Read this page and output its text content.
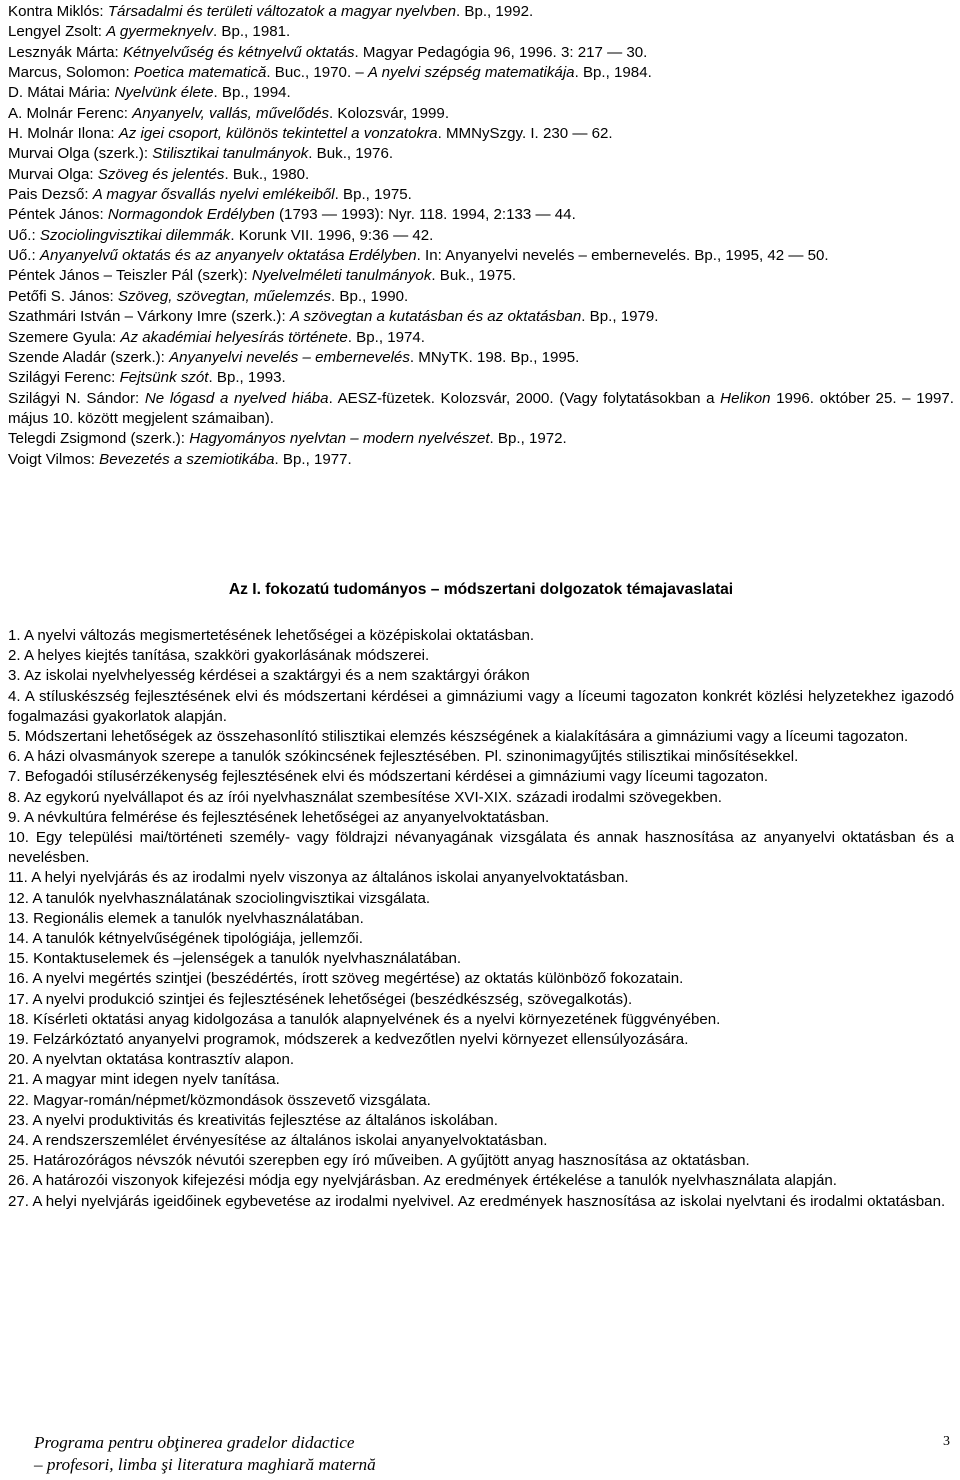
Kontra Miklós: Társadalmi és területi változatok a magyar nyelvben. Bp., 1992.
Lengyel Zsolt: A gyermeknyelv. Bp., 1981.
Lesznyák Márta: Kétnyelvűség és kétnyelvű oktatás. Magyar Pedagógia 96, 1996. 3: 217 — 30.
Marcus, Solomon: Poetica matematică. Buc., 1970. – A nyelvi szépség matematikája. Bp., 1984.
D. Mátai Mária: Nyelvünk élete. Bp., 1994.
A. Molnár Ferenc: Anyanyelv, vallás, művelődés. Kolozsvár, 1999.
H. Molnár Ilona: Az igei csoport, különös tekintettel a vonzatokra. MMNySzgy. I. 230 — 62.
Murvai Olga (szerk.): Stilisztikai tanulmányok. Buk., 1976.
Murvai Olga: Szöveg és jelentés. Buk., 1980.
Pais Dezső: A magyar ősvallás nyelvi emlékeiből. Bp., 1975.
Péntek János: Normagondok Erdélyben (1793 — 1993): Nyr. 118. 1994, 2:133 — 44.
Uő.: Szociolingvisztikai dilemmák. Korunk VII. 1996, 9:36 — 42.
Uő.: Anyanyelvű oktatás és az anyanyelv oktatása Erdélyben. In: Anyanyelvi nevelés – embernevelés. Bp., 1995, 42 — 50.
Péntek János – Teiszler Pál (szerk): Nyelvelméleti tanulmányok. Buk., 1975.
Petőfi S. János: Szöveg, szövegtan, műelemzés. Bp., 1990.
Szathmári István – Várkony Imre (szerk.): A szövegtan a kutatásban és az oktatásban. Bp., 1979.
Szemere Gyula: Az akadémiai helyesírás története. Bp., 1974.
Szende Aladár (szerk.): Anyanyelvi nevelés – embernevelés. MNyTK. 198. Bp., 1995.
Szilágyi Ferenc: Fejtsünk szót. Bp., 1993.
Szilágyi N. Sándor: Ne lógasd a nyelved hiába. AESZ-füzetek. Kolozsvár, 2000. (Vagy folytatásokban a Helikon 1996. október 25. – 1997. május 10. között megjelent számaiban).
Telegdi Zsigmond (szerk.): Hagyományos nyelvtan – modern nyelvészet. Bp., 1972.
Voigt Vilmos: Bevezetés a szemiotikába. Bp., 1977.
Az I. fokozatú tudományos – módszertani dolgozatok témajavaslatai
1. A nyelvi változás megismertetésének lehetőségei a középiskolai oktatásban.
2. A helyes kiejtés tanítása, szakköri gyakorlásának módszerei.
3. Az iskolai nyelvhelyesség kérdései a szaktárgyi és a nem szaktárgyi órákon
4. A stíluskészség fejlesztésének elvi és módszertani kérdései a gimnáziumi vagy a líceumi tagozaton konkrét közlési helyzetekhez igazodó fogalmazási gyakorlatok alapján.
5. Módszertani lehetőségek az összehasonlító stilisztikai elemzés készségének a kialakítására a gimnáziumi vagy a líceumi tagozaton.
6. A házi olvasmányok szerepe a tanulók szókincsének fejlesztésében. Pl. szinonimagyűjtés stilisztikai minősítésekkel.
7. Befogadói stílusérzékenység fejlesztésének elvi és módszertani kérdései a gimnáziumi vagy líceumi tagozaton.
8. Az egykorú nyelvállapot és az írói nyelvhasználat szembesítése XVI-XIX. századi irodalmi szövegekben.
9. A névkultúra felmérése és fejlesztésének lehetőségei az anyanyelvoktatásban.
10. Egy települési mai/történeti személy- vagy földrajzi névanyagának vizsgálata és annak hasznosítása az anyanyelvi oktatásban és a nevelésben.
11. A helyi nyelvjárás és az irodalmi nyelv viszonya az általános iskolai anyanyelvoktatásban.
12. A tanulók nyelvhasználatának szociolingvisztikai vizsgálata.
13. Regionális elemek a tanulók nyelvhasználatában.
14. A tanulók kétnyelvűségének tipológiája, jellemzői.
15. Kontaktuselemek és –jelenségek a tanulók nyelvhasználatában.
16. A nyelvi megértés szintjei (beszédértés, írott szöveg megértése) az oktatás különböző fokozatain.
17. A nyelvi produkció szintjei és fejlesztésének lehetőségei (beszédkészség, szövegalkotás).
18. Kísérleti oktatási anyag kidolgozása a tanulók alapnyelvének és a nyelvi környezetének függvényében.
19. Felzárkóztató anyanyelvi programok, módszerek a kedvezőtlen nyelvi környezet ellensúlyozására.
20. A nyelvtan oktatása kontrasztív alapon.
21. A magyar mint idegen nyelv tanítása.
22. Magyar-román/népmet/közmondások összevető vizsgálata.
23. A nyelvi produktivitás és kreativitás fejlesztése az általános iskolában.
24. A rendszerszemlélet érvényesítése az általános iskolai anyanyelvoktatásban.
25. Határozórágos névszók névutói szerepben egy író műveiben. A gyűjtött anyag hasznosítása az oktatásban.
26. A határozói viszonyok kifejezési módja egy nyelvjárásban. Az eredmények értékelése a tanulók nyelvhasználata alapján.
27. A helyi nyelvjárás igeidőinek egybevetése az irodalmi nyelvivel. Az eredmények hasznosítása az iskolai nyelvtani és irodalmi oktatásban.
Programa pentru obţinerea gradelor didactice
– profesori, limba şi literatura maghiară maternă
3
